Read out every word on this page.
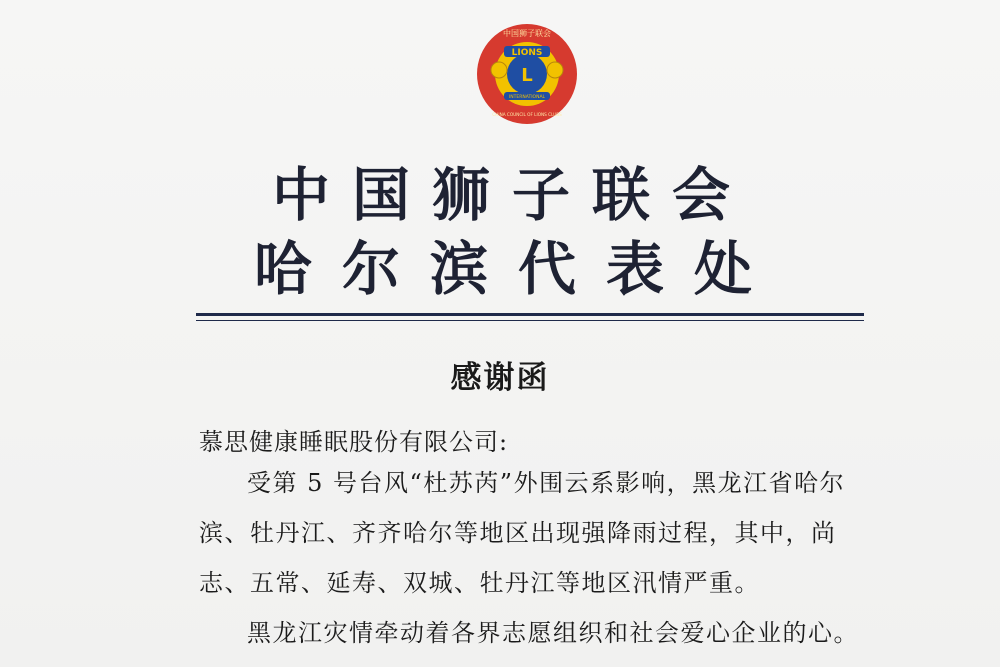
LIONS
L
INTERNATIONAL
中国狮子联会
CHINA COUNCIL OF LIONS CLUBS
中国狮子联会
哈尔滨代表处
感谢函
慕思健康睡眠股份有限公司:
受第 5 号台风“杜苏芮”外围云系影响，黑龙江省哈尔滨、牡丹江、齐齐哈尔等地区出现强降雨过程，其中，尚志、五常、延寿、双城、牡丹江等地区汛情严重。
黑龙江灾情牵动着各界志愿组织和社会爱心企业的心。
